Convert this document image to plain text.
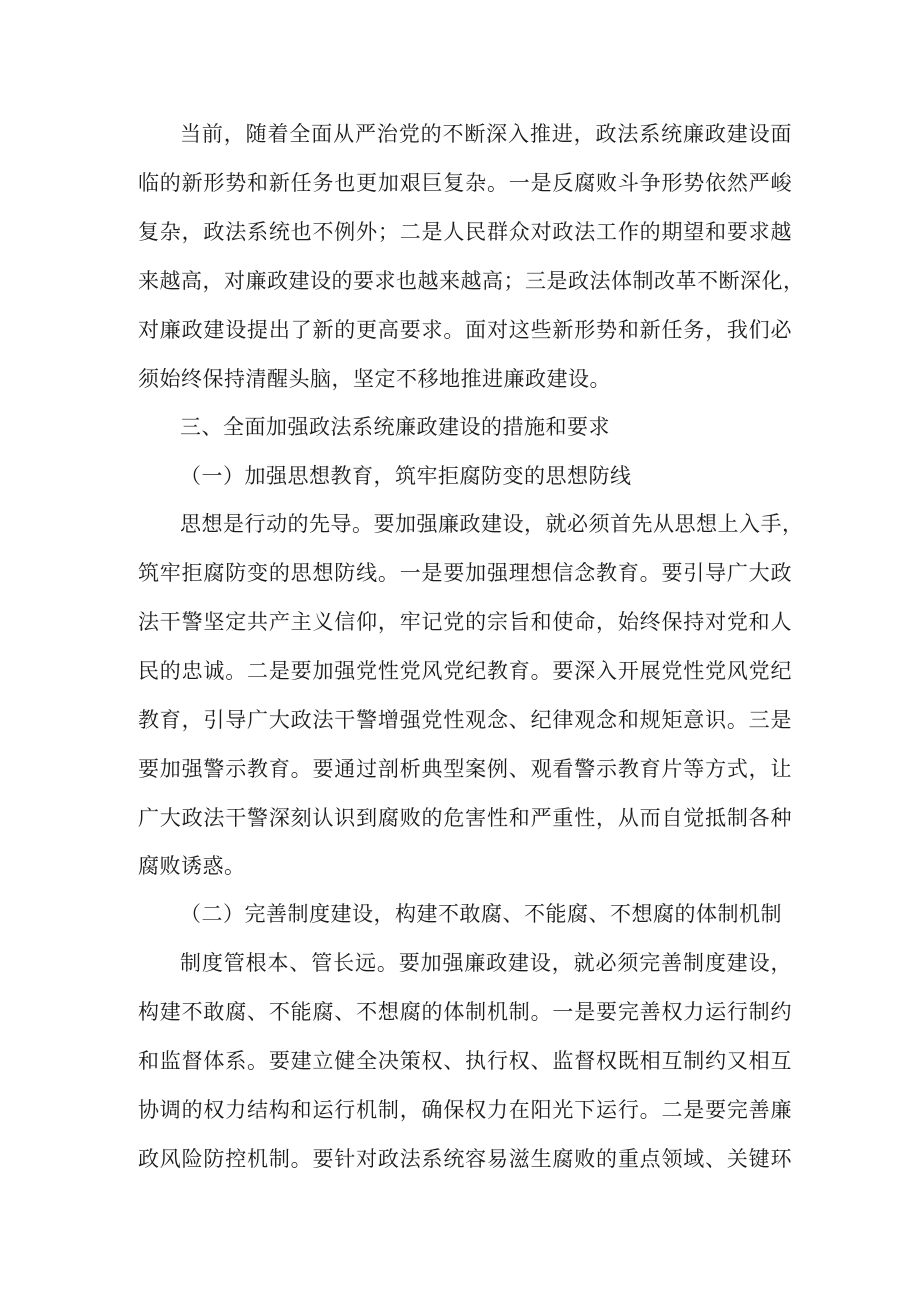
当前，随着全面从严治党的不断深入推进，政法系统廉政建设面
临的新形势和新任务也更加艰巨复杂。一是反腐败斗争形势依然严峻
复杂，政法系统也不例外；二是人民群众对政法工作的期望和要求越
来越高，对廉政建设的要求也越来越高；三是政法体制改革不断深化，
对廉政建设提出了新的更高要求。面对这些新形势和新任务，我们必
须始终保持清醒头脑，坚定不移地推进廉政建设。
三、全面加强政法系统廉政建设的措施和要求
（一）加强思想教育，筑牢拒腐防变的思想防线
思想是行动的先导。要加强廉政建设，就必须首先从思想上入手，
筑牢拒腐防变的思想防线。一是要加强理想信念教育。要引导广大政
法干警坚定共产主义信仰，牢记党的宗旨和使命，始终保持对党和人
民的忠诚。二是要加强党性党风党纪教育。要深入开展党性党风党纪
教育，引导广大政法干警增强党性观念、纪律观念和规矩意识。三是
要加强警示教育。要通过剖析典型案例、观看警示教育片等方式，让
广大政法干警深刻认识到腐败的危害性和严重性，从而自觉抵制各种
腐败诱惑。
（二）完善制度建设，构建不敢腐、不能腐、不想腐的体制机制
制度管根本、管长远。要加强廉政建设，就必须完善制度建设，
构建不敢腐、不能腐、不想腐的体制机制。一是要完善权力运行制约
和监督体系。要建立健全决策权、执行权、监督权既相互制约又相互
协调的权力结构和运行机制，确保权力在阳光下运行。二是要完善廉
政风险防控机制。要针对政法系统容易滋生腐败的重点领域、关键环
